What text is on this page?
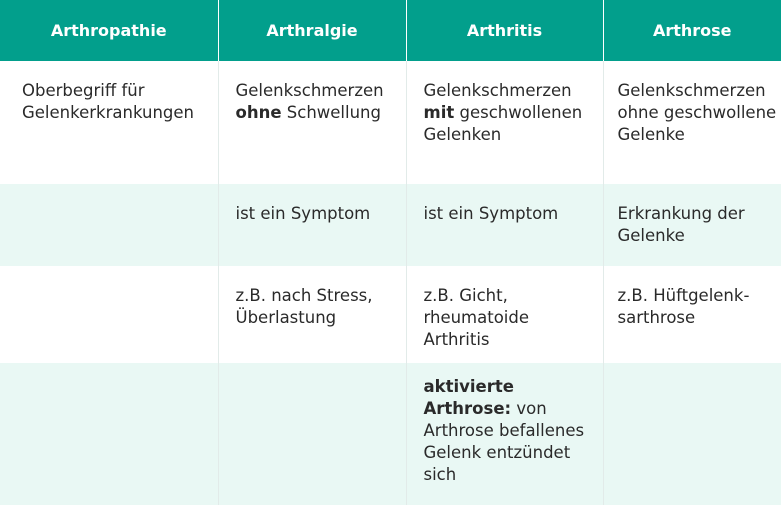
Arthropathie	Arthralgie	Arthritis	Arthrose
Oberbegriff für Gelenkerkrankungen	Gelenkschmerzen ohne Schwellung	Gelenkschmerzen mit geschwollenen Gelenken	Gelenkschmerzen ohne geschwollene Gelenke
	ist ein Symptom	ist ein Symptom	Erkrankung der Gelenke
	z.B. nach Stress, Überlastung	z.B. Gicht, rheumatoide Arthritis	z.B. Hüftgelenk-sarthrose
		aktivierte Arthrose: von Arthrose befallenes Gelenk entzündet sich	
